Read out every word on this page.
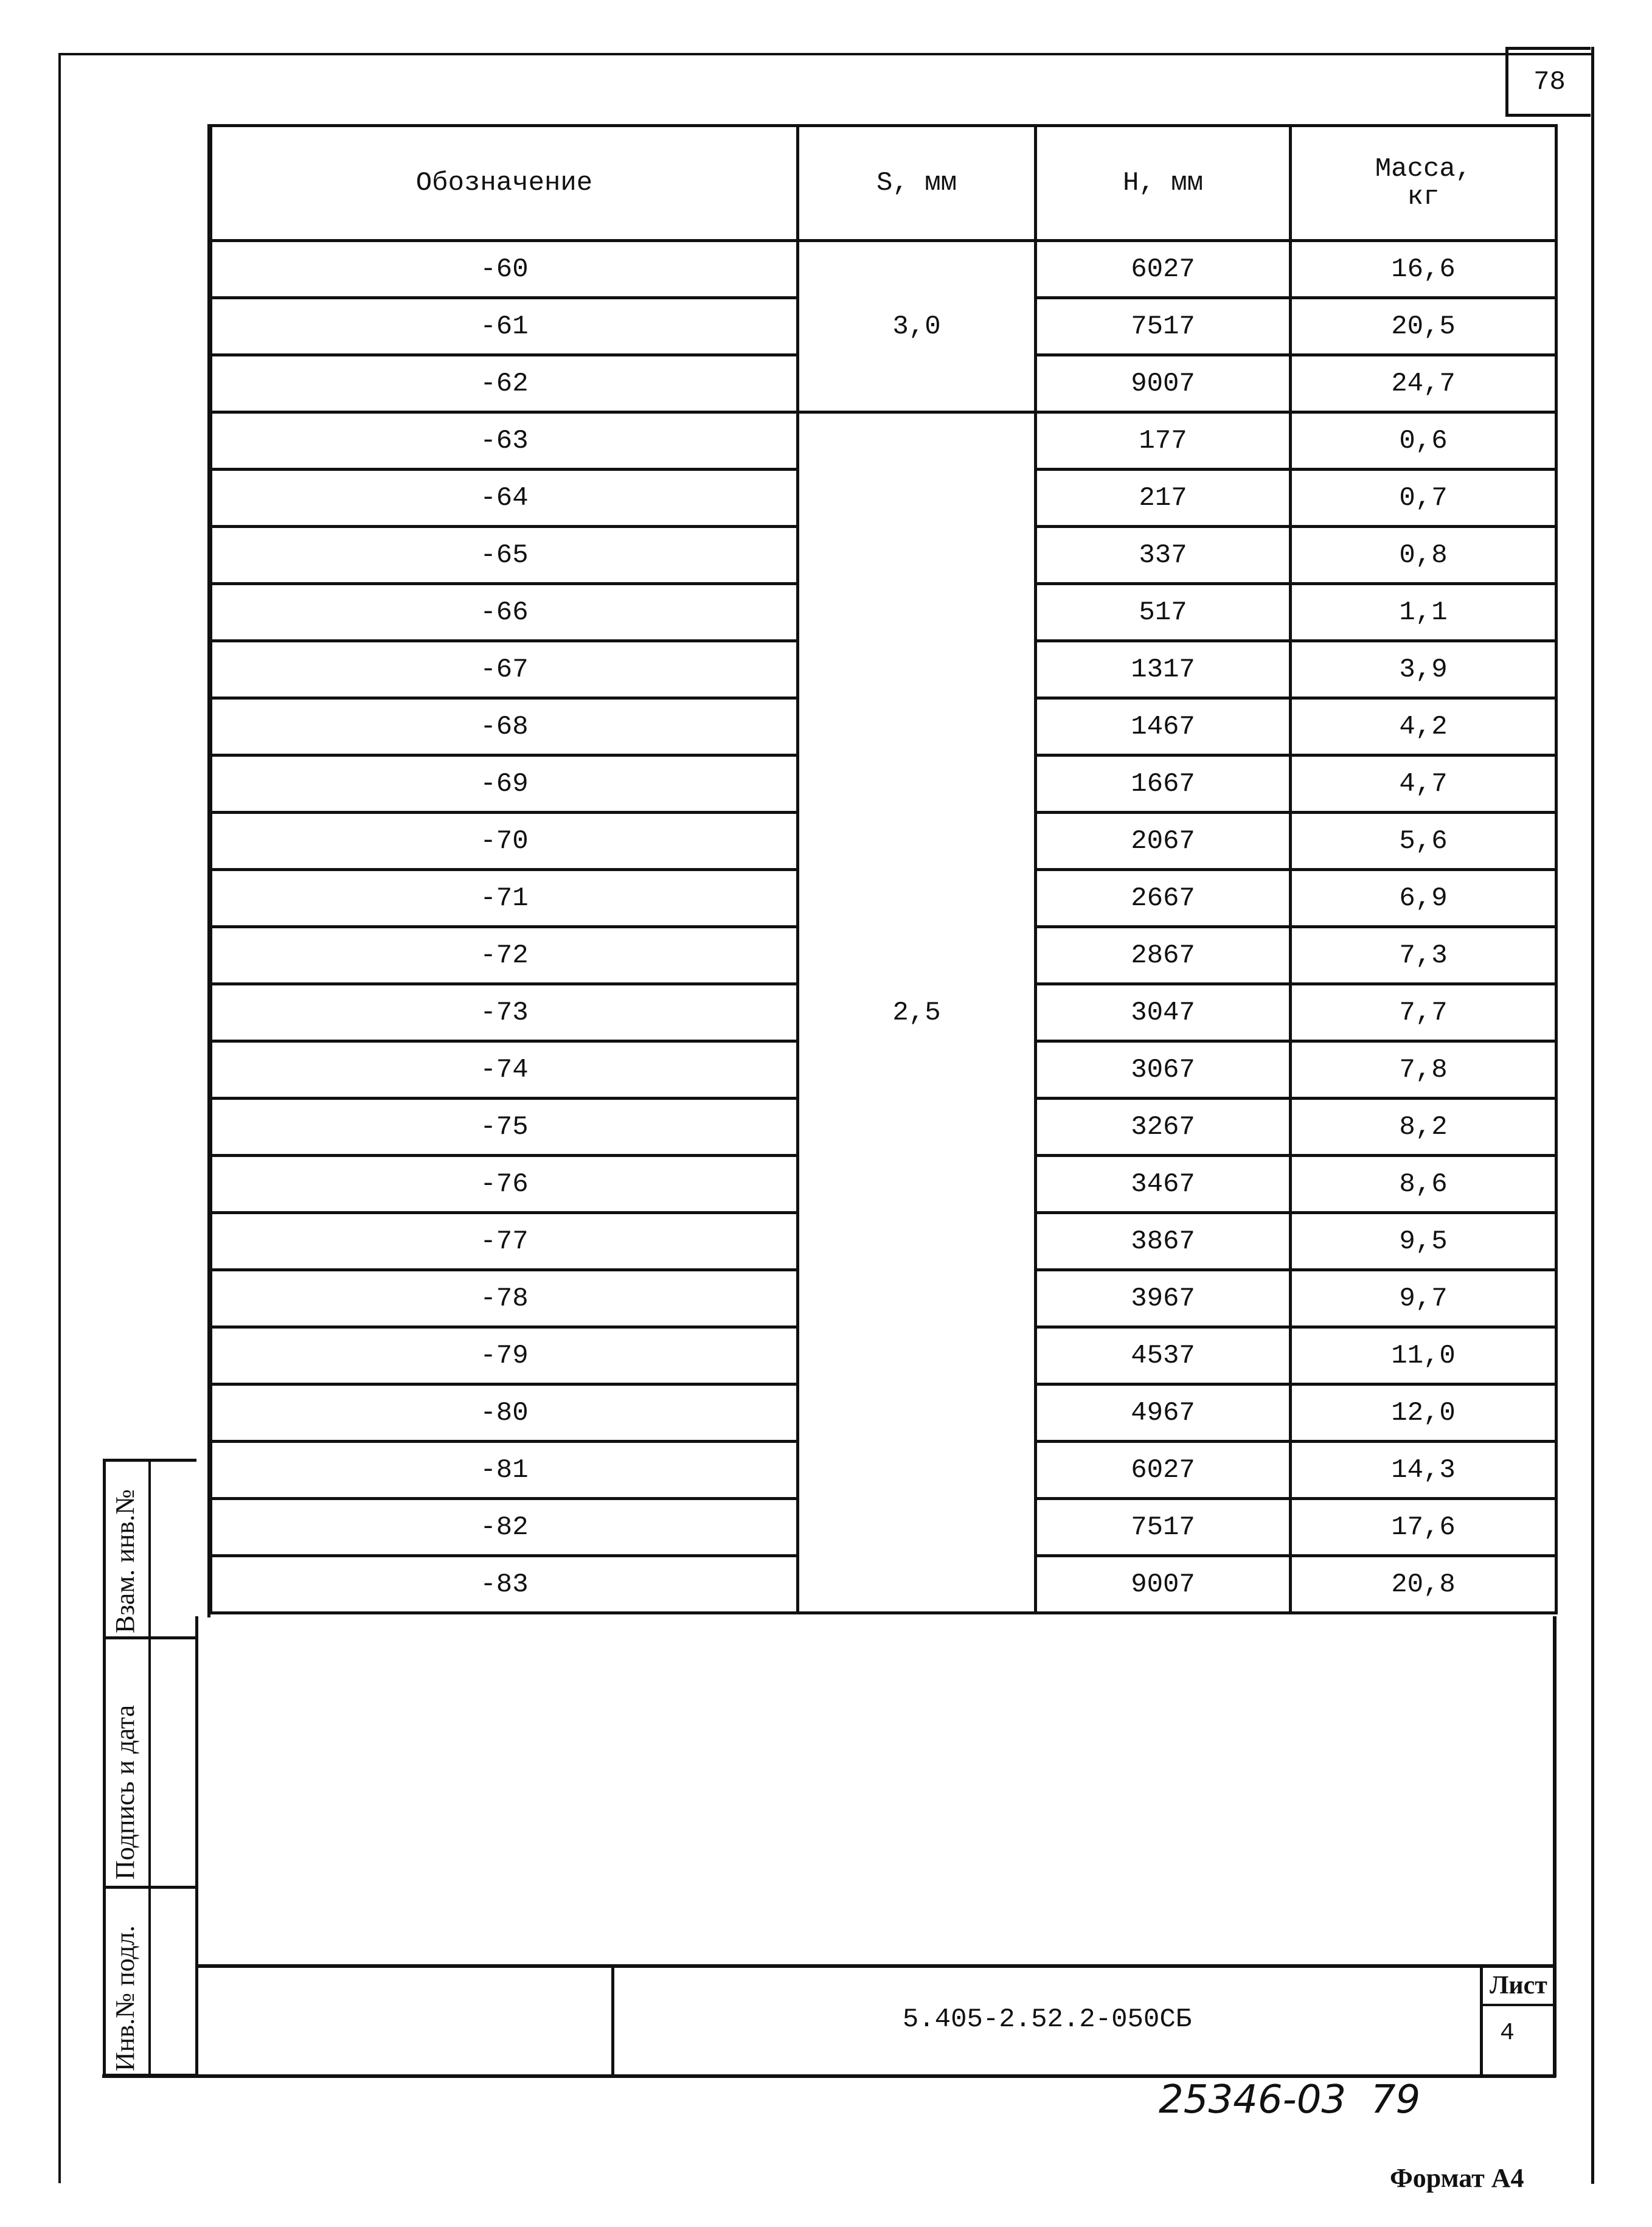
78
Обозначение	S, мм	H, мм	Масса, кг
-60	3,0	6027	16,6
-61		7517	20,5
-62		9007	24,7
-63	2,5	177	0,6
-64		217	0,7
-65		337	0,8
-66		517	1,1
-67		1317	3,9
-68		1467	4,2
-69		1667	4,7
-70		2067	5,6
-71		2667	6,9
-72		2867	7,3
-73		3047	7,7
-74		3067	7,8
-75		3267	8,2
-76		3467	8,6
-77		3867	9,5
-78		3967	9,7
-79		4537	11,0
-80		4967	12,0
-81		6027	14,3
-82		7517	17,6
-83		9007	20,8
5.405-2.52.2-050СБ
Лист
4
Взам. инв.№
Подпись и дата
Инв.№ подл.
25346-03  79
Формат А4
